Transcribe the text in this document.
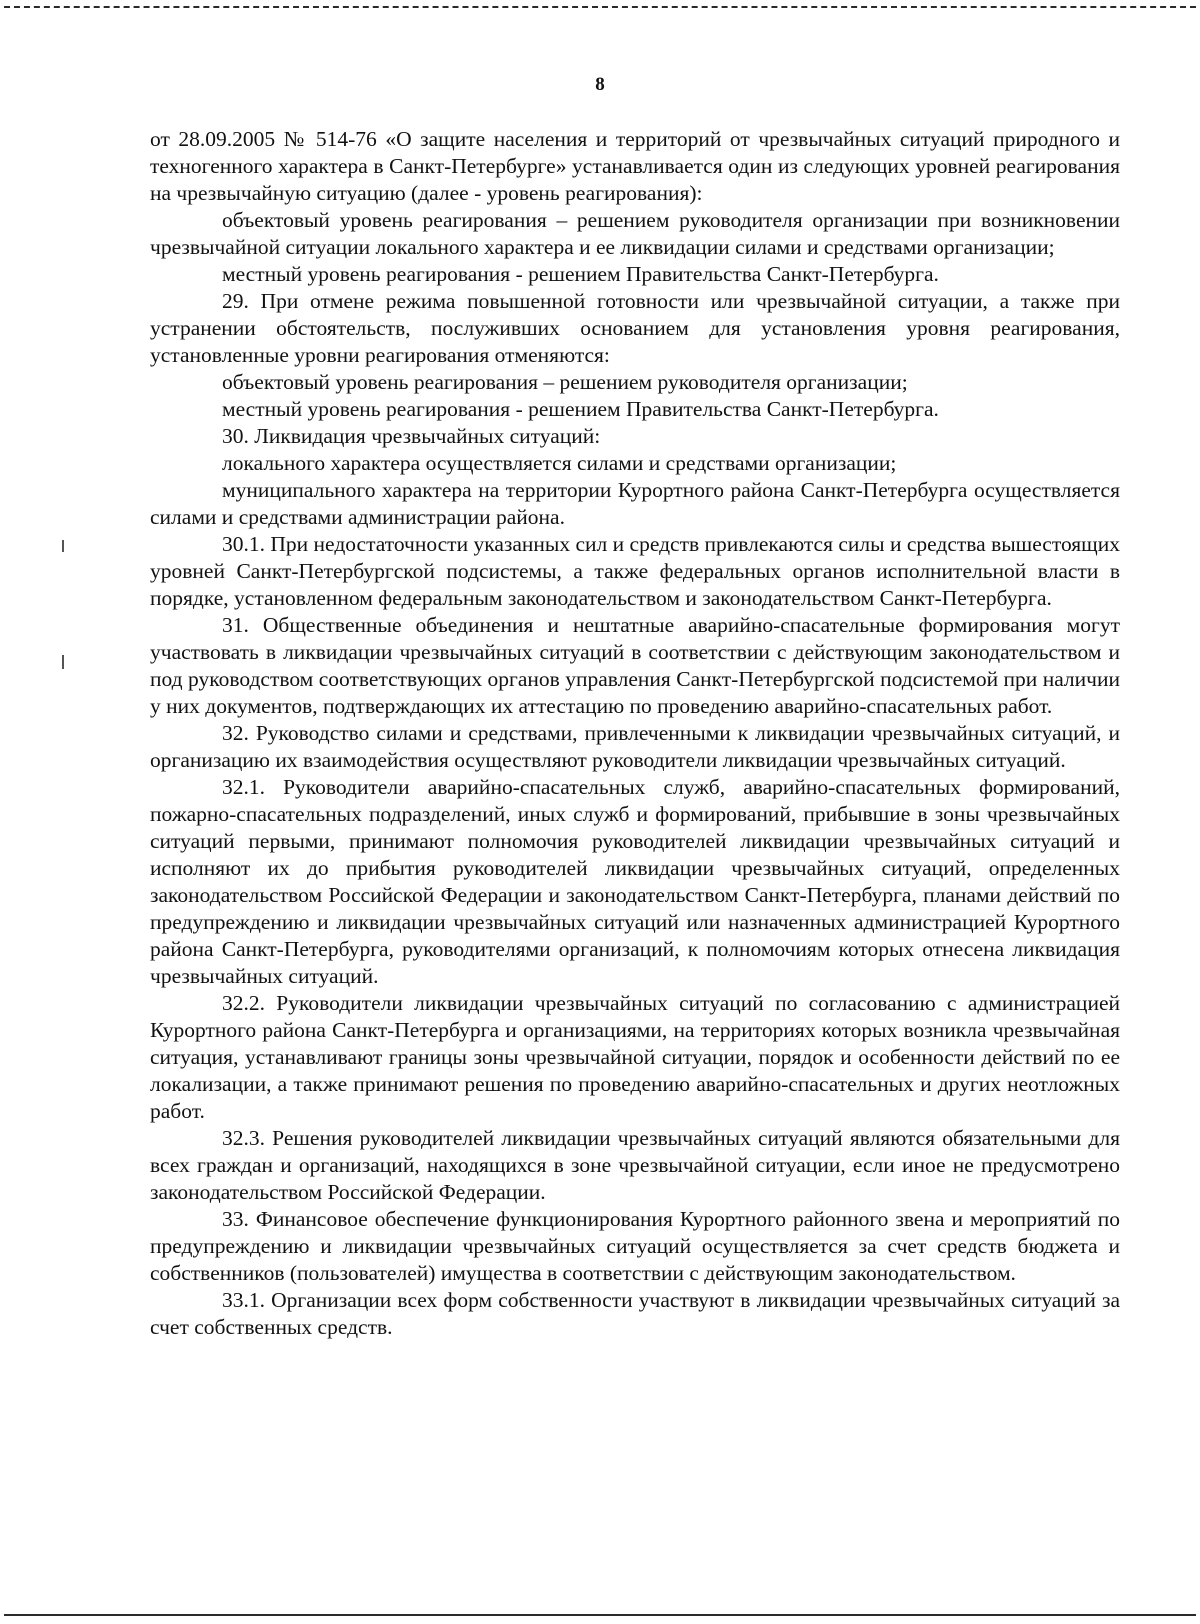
8

от 28.09.2005 № 514-76 «О защите населения и территорий от чрезвычайных ситуаций природного и техногенного характера в Санкт-Петербурге» устанавливается один из следующих уровней реагирования на чрезвычайную ситуацию (далее - уровень реагирования):

объектовый уровень реагирования – решением руководителя организации при возникновении чрезвычайной ситуации локального характера и ее ликвидации силами и средствами организации;

местный уровень реагирования - решением Правительства Санкт-Петербурга.

29. При отмене режима повышенной готовности или чрезвычайной ситуации, а также при устранении обстоятельств, послуживших основанием для установления уровня реагирования, установленные уровни реагирования отменяются:

объектовый уровень реагирования – решением руководителя организации;

местный уровень реагирования - решением Правительства Санкт-Петербурга.

30. Ликвидация чрезвычайных ситуаций:

локального характера осуществляется силами и средствами организации;

муниципального характера на территории Курортного района Санкт-Петербурга осуществляется силами и средствами администрации района.

30.1. При недостаточности указанных сил и средств привлекаются силы и средства вышестоящих уровней Санкт-Петербургской подсистемы, а также федеральных органов исполнительной власти в порядке, установленном федеральным законодательством и законодательством Санкт-Петербурга.

31. Общественные объединения и нештатные аварийно-спасательные формирования могут участвовать в ликвидации чрезвычайных ситуаций в соответствии с действующим законодательством и под руководством соответствующих органов управления Санкт-Петербургской подсистемой при наличии у них документов, подтверждающих их аттестацию по проведению аварийно-спасательных работ.

32. Руководство силами и средствами, привлеченными к ликвидации чрезвычайных ситуаций, и организацию их взаимодействия осуществляют руководители ликвидации чрезвычайных ситуаций.

32.1. Руководители аварийно-спасательных служб, аварийно-спасательных формирований, пожарно-спасательных подразделений, иных служб и формирований, прибывшие в зоны чрезвычайных ситуаций первыми, принимают полномочия руководителей ликвидации чрезвычайных ситуаций и исполняют их до прибытия руководителей ликвидации чрезвычайных ситуаций, определенных законодательством Российской Федерации и законодательством Санкт-Петербурга, планами действий по предупреждению и ликвидации чрезвычайных ситуаций или назначенных администрацией Курортного района Санкт-Петербурга, руководителями организаций, к полномочиям которых отнесена ликвидация чрезвычайных ситуаций.

32.2. Руководители ликвидации чрезвычайных ситуаций по согласованию с администрацией Курортного района Санкт-Петербурга и организациями, на территориях которых возникла чрезвычайная ситуация, устанавливают границы зоны чрезвычайной ситуации, порядок и особенности действий по ее локализации, а также принимают решения по проведению аварийно-спасательных и других неотложных работ.

32.3. Решения руководителей ликвидации чрезвычайных ситуаций являются обязательными для всех граждан и организаций, находящихся в зоне чрезвычайной ситуации, если иное не предусмотрено законодательством Российской Федерации.

33. Финансовое обеспечение функционирования Курортного районного звена и мероприятий по предупреждению и ликвидации чрезвычайных ситуаций осуществляется за счет средств бюджета и собственников (пользователей) имущества в соответствии с действующим законодательством.

33.1. Организации всех форм собственности участвуют в ликвидации чрезвычайных ситуаций за счет собственных средств.
